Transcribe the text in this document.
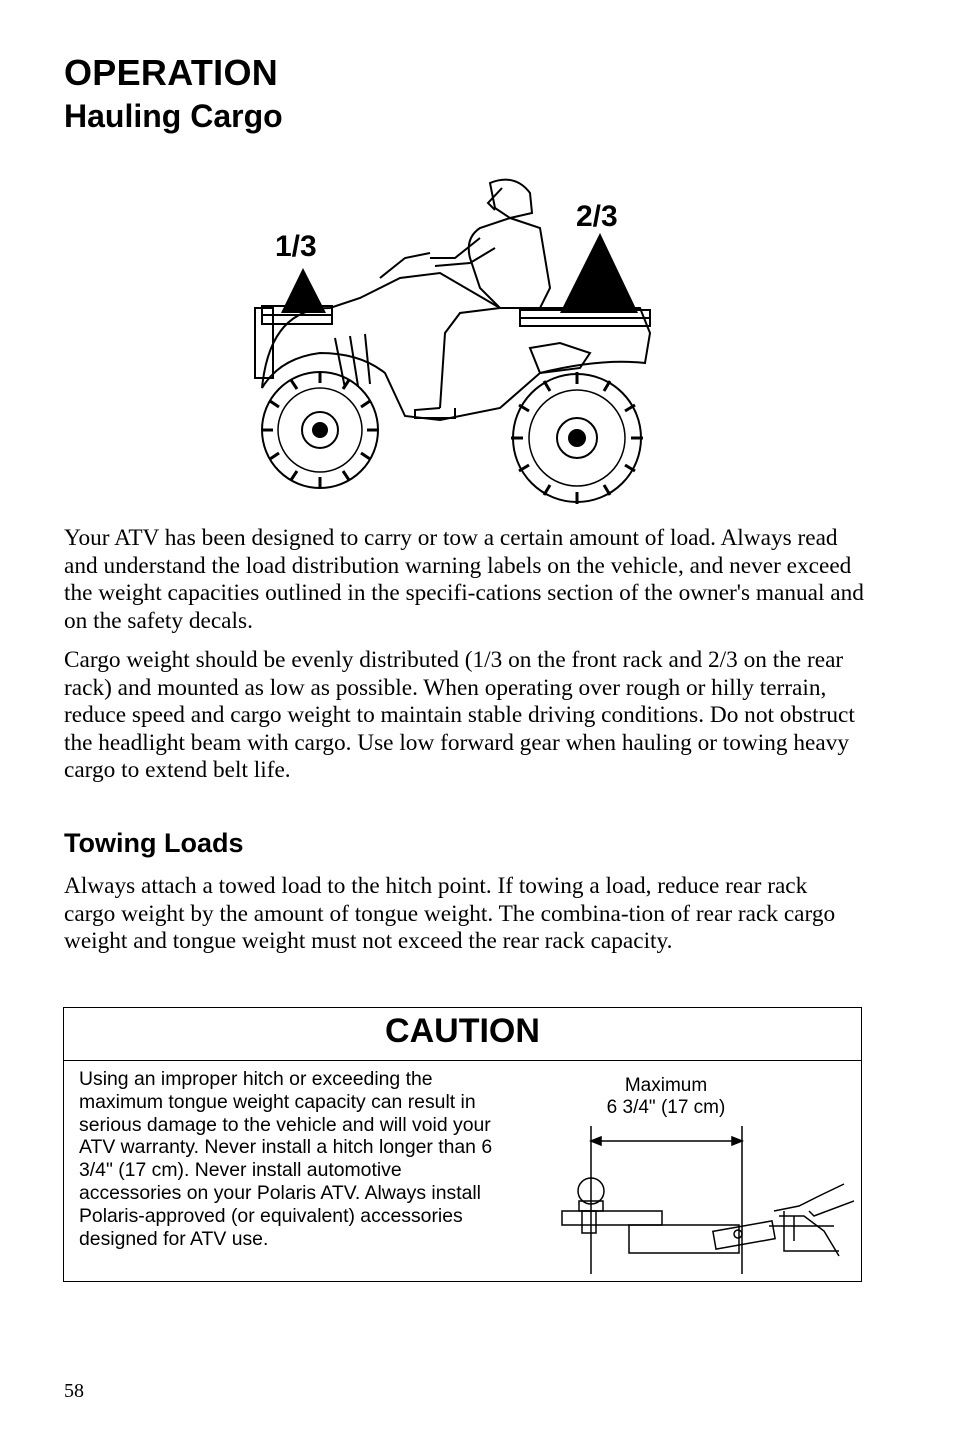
OPERATION
Hauling Cargo
1/3
2/3

Your ATV has been designed to carry or tow a certain amount of load. Always read and understand the load distribution warning labels on the vehicle, and never exceed the weight capacities outlined in the specifi-cations section of the owner's manual and on the safety decals.

Cargo weight should be evenly distributed (1/3 on the front rack and 2/3 on the rear rack) and mounted as low as possible. When operating over rough or hilly terrain, reduce speed and cargo weight to maintain stable driving conditions. Do not obstruct the headlight beam with cargo. Use low forward gear when hauling or towing heavy cargo to extend belt life.

Towing Loads

Always attach a towed load to the hitch point. If towing a load, reduce rear rack cargo weight by the amount of tongue weight. The combina-tion of rear rack cargo weight and tongue weight must not exceed the rear rack capacity.

CAUTION

Using an improper hitch or exceeding the maximum tongue weight capacity can result in serious damage to the vehicle and will void your ATV warranty. Never install a hitch longer than 6 3/4" (17 cm). Never install automotive accessories on your Polaris ATV. Always install Polaris-approved (or equivalent) accessories designed for ATV use.

Maximum
6 3/4" (17 cm)
58
